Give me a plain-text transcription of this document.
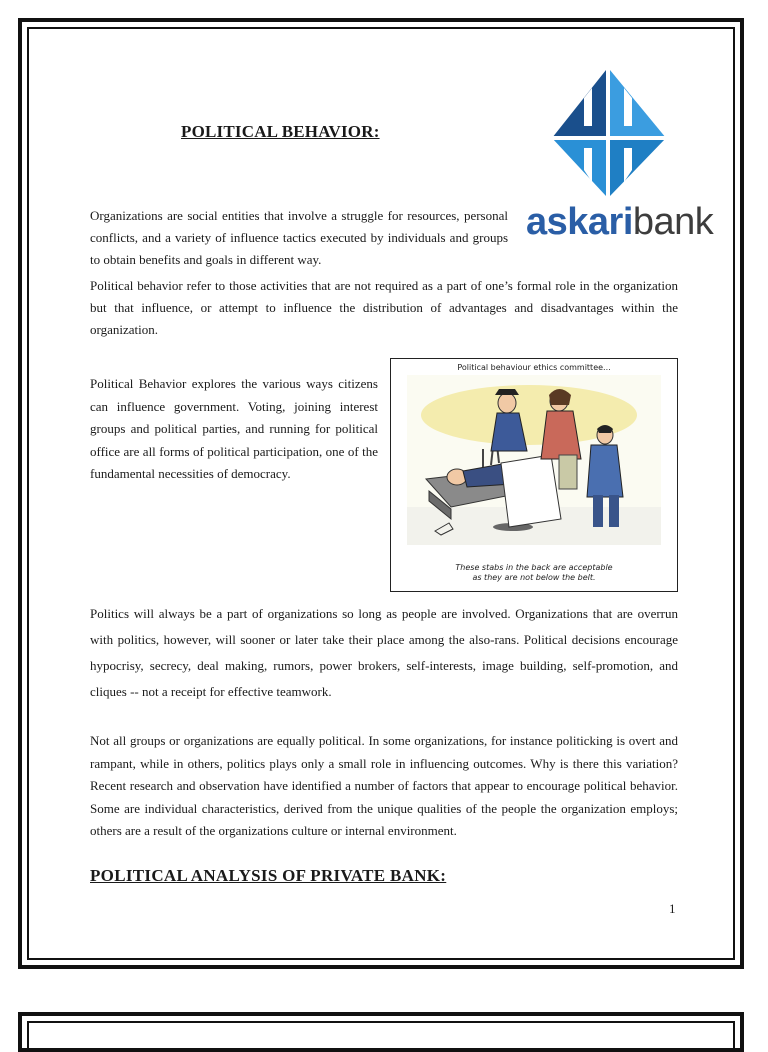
POLITICAL BEHAVIOR:
askaribank

Organizations are social entities that involve a struggle for resources, personal conflicts, and a variety of influence tactics executed by individuals and groups to obtain benefits and goals in different way.

Political behavior refer to those activities that are not required as a part of one’s formal role in the organization but that influence, or attempt to influence the distribution of advantages and disadvantages within the organization.

Political Behavior explores the various ways citizens can influence government. Voting, joining interest groups and political parties, and running for political office are all forms of political participation, one of the fundamental necessities of democracy.

Political behaviour ethics committee...
These stabs in the back are acceptable
as they are not below the belt.

Politics will always be a part of organizations so long as people are involved. Organizations that are overrun with politics, however, will sooner or later take their place among the also-rans. Political decisions encourage hypocrisy, secrecy, deal making, rumors, power brokers, self-interests, image building, self-promotion, and cliques -- not a receipt for effective teamwork.

Not all groups or organizations are equally political. In some organizations, for instance politicking is overt and rampant, while in others, politics plays only a small role in influencing outcomes. Why is there this variation? Recent research and observation have identified a number of factors that appear to encourage political behavior. Some are individual characteristics, derived from the unique qualities of the people the organization employs; others are a result of the organizations culture or internal environment.

POLITICAL ANALYSIS OF PRIVATE BANK:
1
